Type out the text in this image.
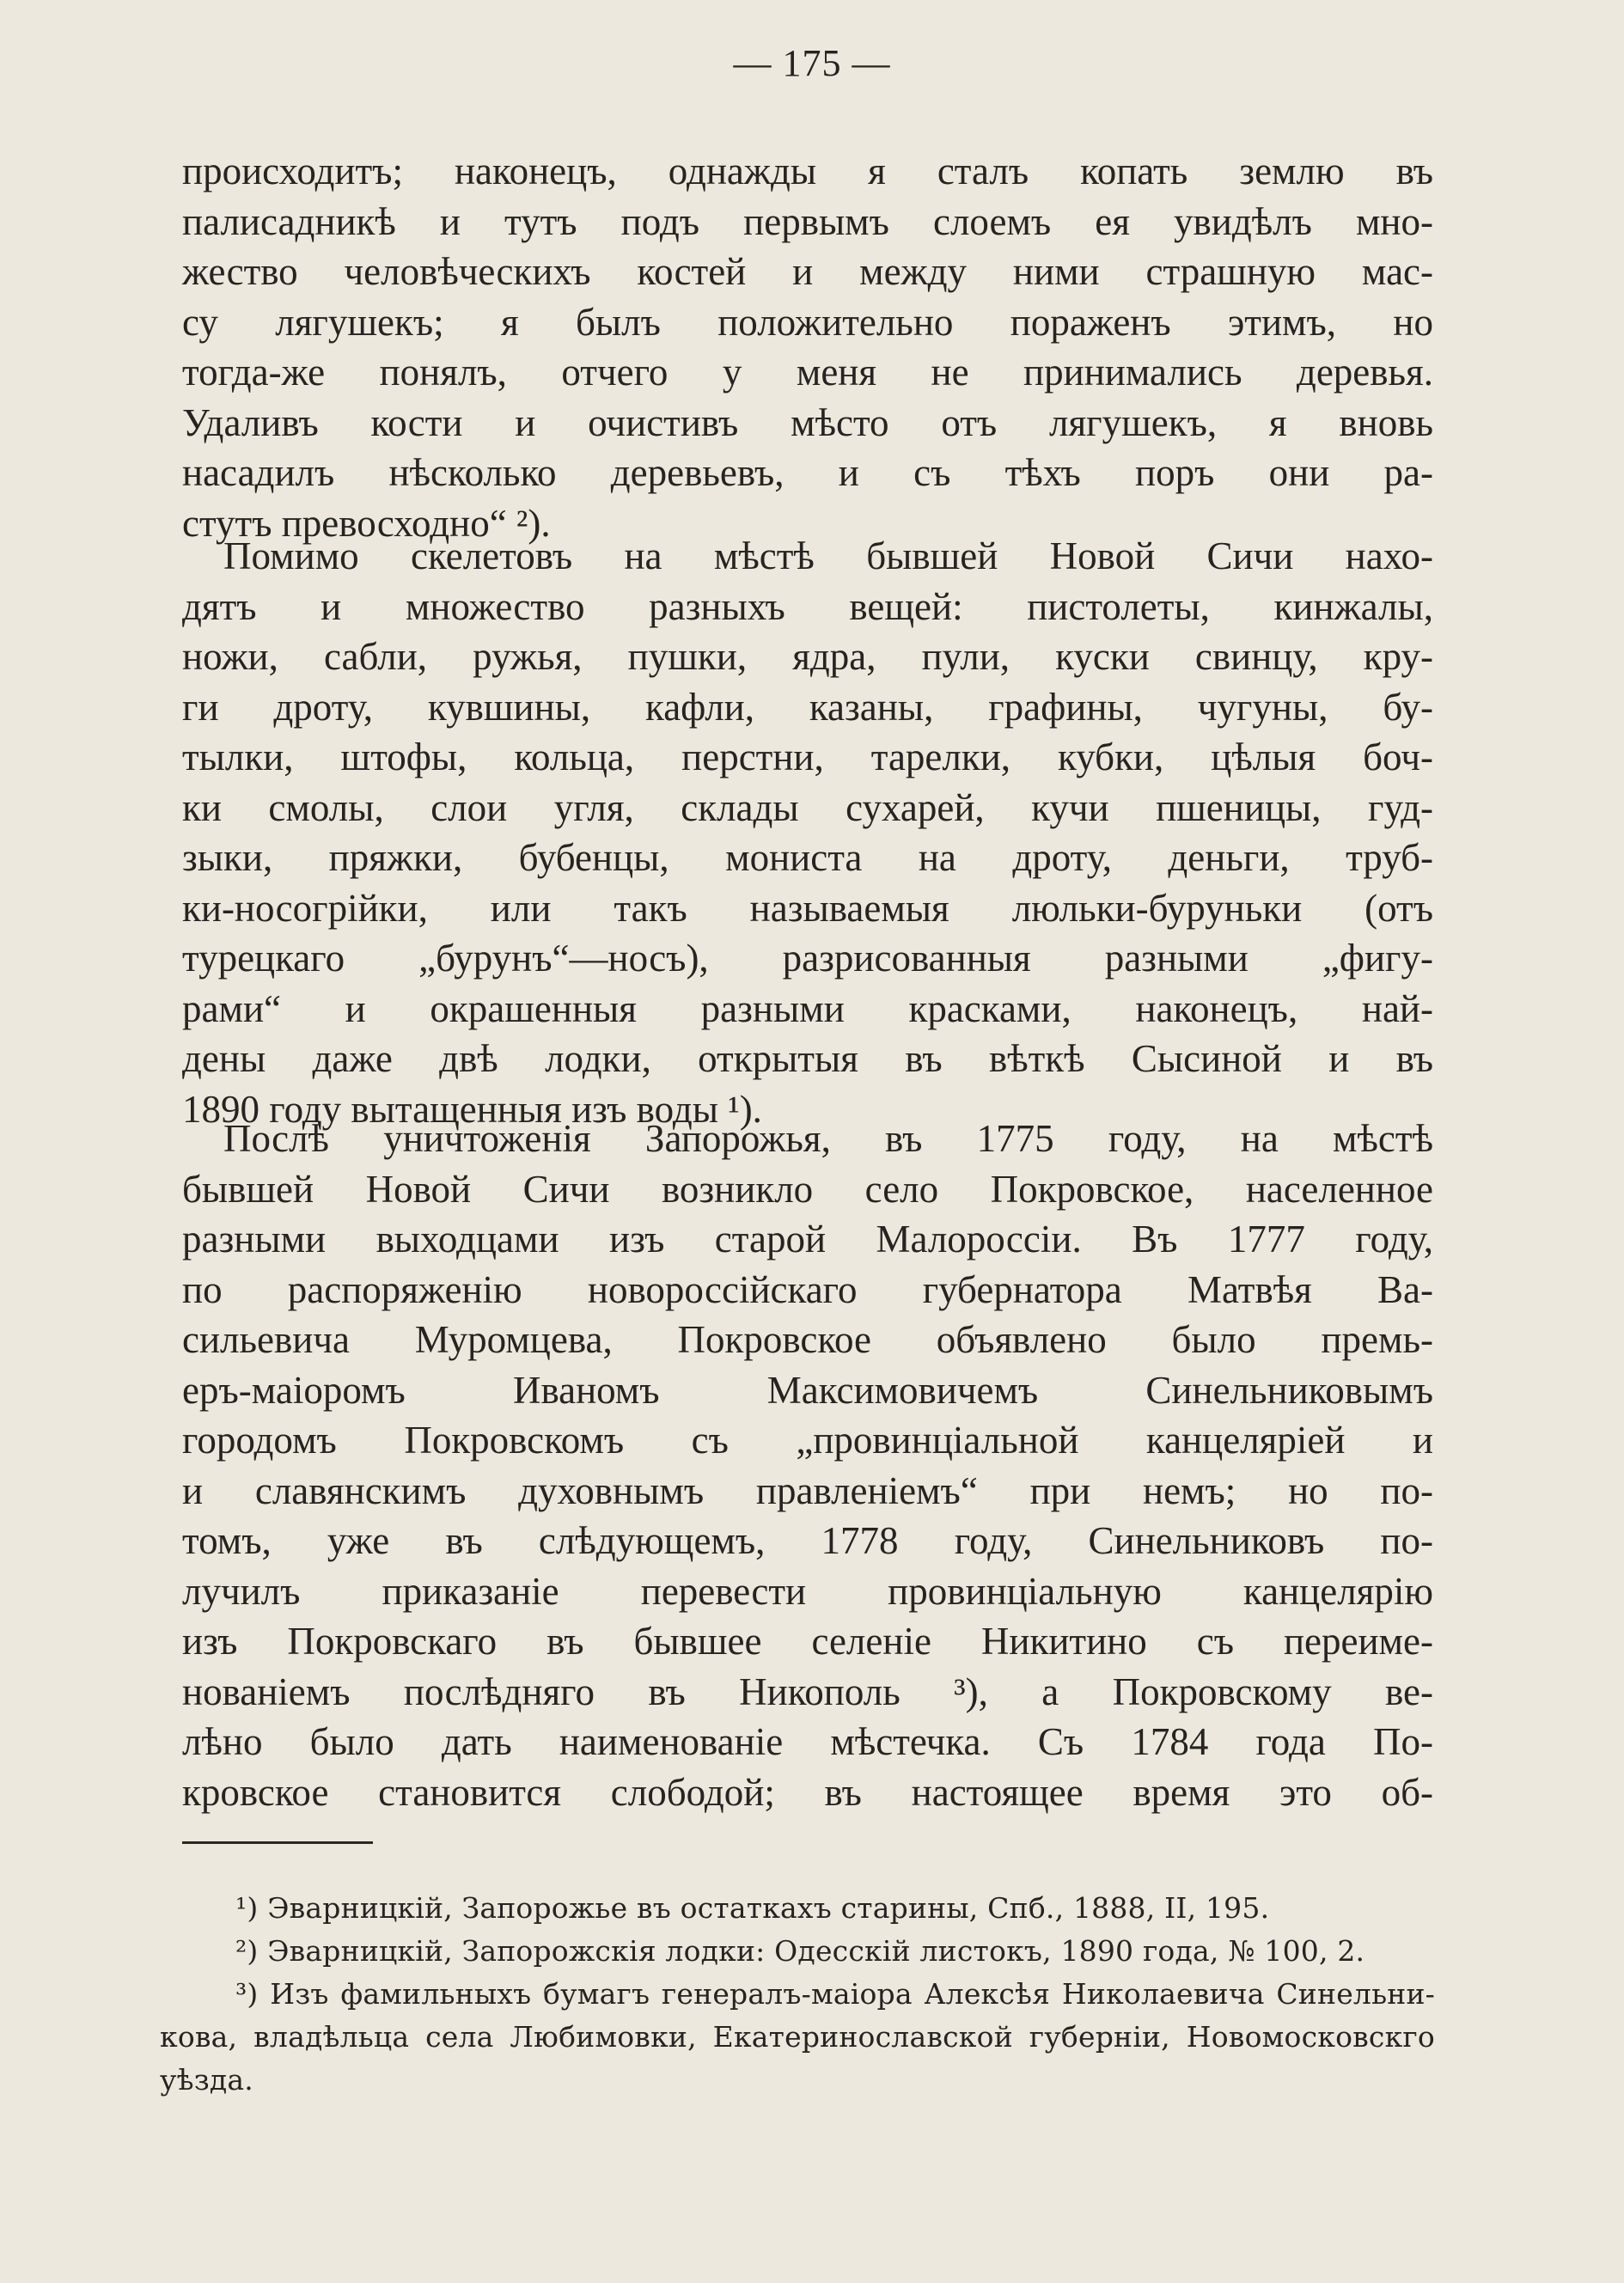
— 175 —
происходитъ; наконецъ, однажды я сталъ копать землю въ
палисадникѣ и тутъ подъ первымъ слоемъ ея увидѣлъ мно-
жество человѣческихъ костей и между ними страшную мас-
су лягушекъ; я былъ положительно пораженъ этимъ, но
тогда-же понялъ, отчего у меня не принимались деревья.
Удаливъ кости и очистивъ мѣсто отъ лягушекъ, я вновь
насадилъ нѣсколько деревьевъ, и съ тѣхъ поръ они ра-
стутъ превосходно“ ²).
Помимо скелетовъ на мѣстѣ бывшей Новой Сичи нахо-
дятъ и множество разныхъ вещей: пистолеты, кинжалы,
ножи, сабли, ружья, пушки, ядра, пули, куски свинцу, кру-
ги дроту, кувшины, кафли, казаны, графины, чугуны, бу-
тылки, штофы, кольца, перстни, тарелки, кубки, цѣлыя боч-
ки смолы, слои угля, склады сухарей, кучи пшеницы, гуд-
зыки, пряжки, бубенцы, мониста на дроту, деньги, труб-
ки-носогрійки, или такъ называемыя люльки-буруньки (отъ
турецкаго „бурунъ“—носъ), разрисованныя разными „фигу-
рами“ и окрашенныя разными красками, наконецъ, най-
дены даже двѣ лодки, открытыя въ вѣткѣ Сысиной и въ
1890 году вытащенныя изъ воды ¹).
Послѣ уничтоженія Запорожья, въ 1775 году, на мѣстѣ
бывшей Новой Сичи возникло село Покровское, населенное
разными выходцами изъ старой Малороссіи. Въ 1777 году,
по распоряженію новороссійскаго губернатора Матвѣя Ва-
сильевича Муромцева, Покровское объявлено было премь-
еръ-маіоромъ Иваномъ Максимовичемъ Синельниковымъ
городомъ Покровскомъ съ „провинціальной канцеляріей и
и славянскимъ духовнымъ правленіемъ“ при немъ; но по-
томъ, уже въ слѣдующемъ, 1778 году, Синельниковъ по-
лучилъ приказаніе перевести провинціальную канцелярію
изъ Покровскаго въ бывшее селеніе Никитино съ переиме-
нованіемъ послѣдняго въ Никополь ³), а Покровскому ве-
лѣно было дать наименованіе мѣстечка. Съ 1784 года По-
кровское становится слободой; въ настоящее время это об-
¹) Эварницкій, Запорожье въ остаткахъ старины, Спб., 1888, II, 195.
²) Эварницкій, Запорожскія лодки: Одесскій листокъ, 1890 года, № 100, 2.
³) Изъ фамильныхъ бумагъ генералъ-маіора Алексѣя Николаевича Синельни-
кова, владѣльца села Любимовки, Екатеринославской губерніи, Новомосковскго
уѣзда.
